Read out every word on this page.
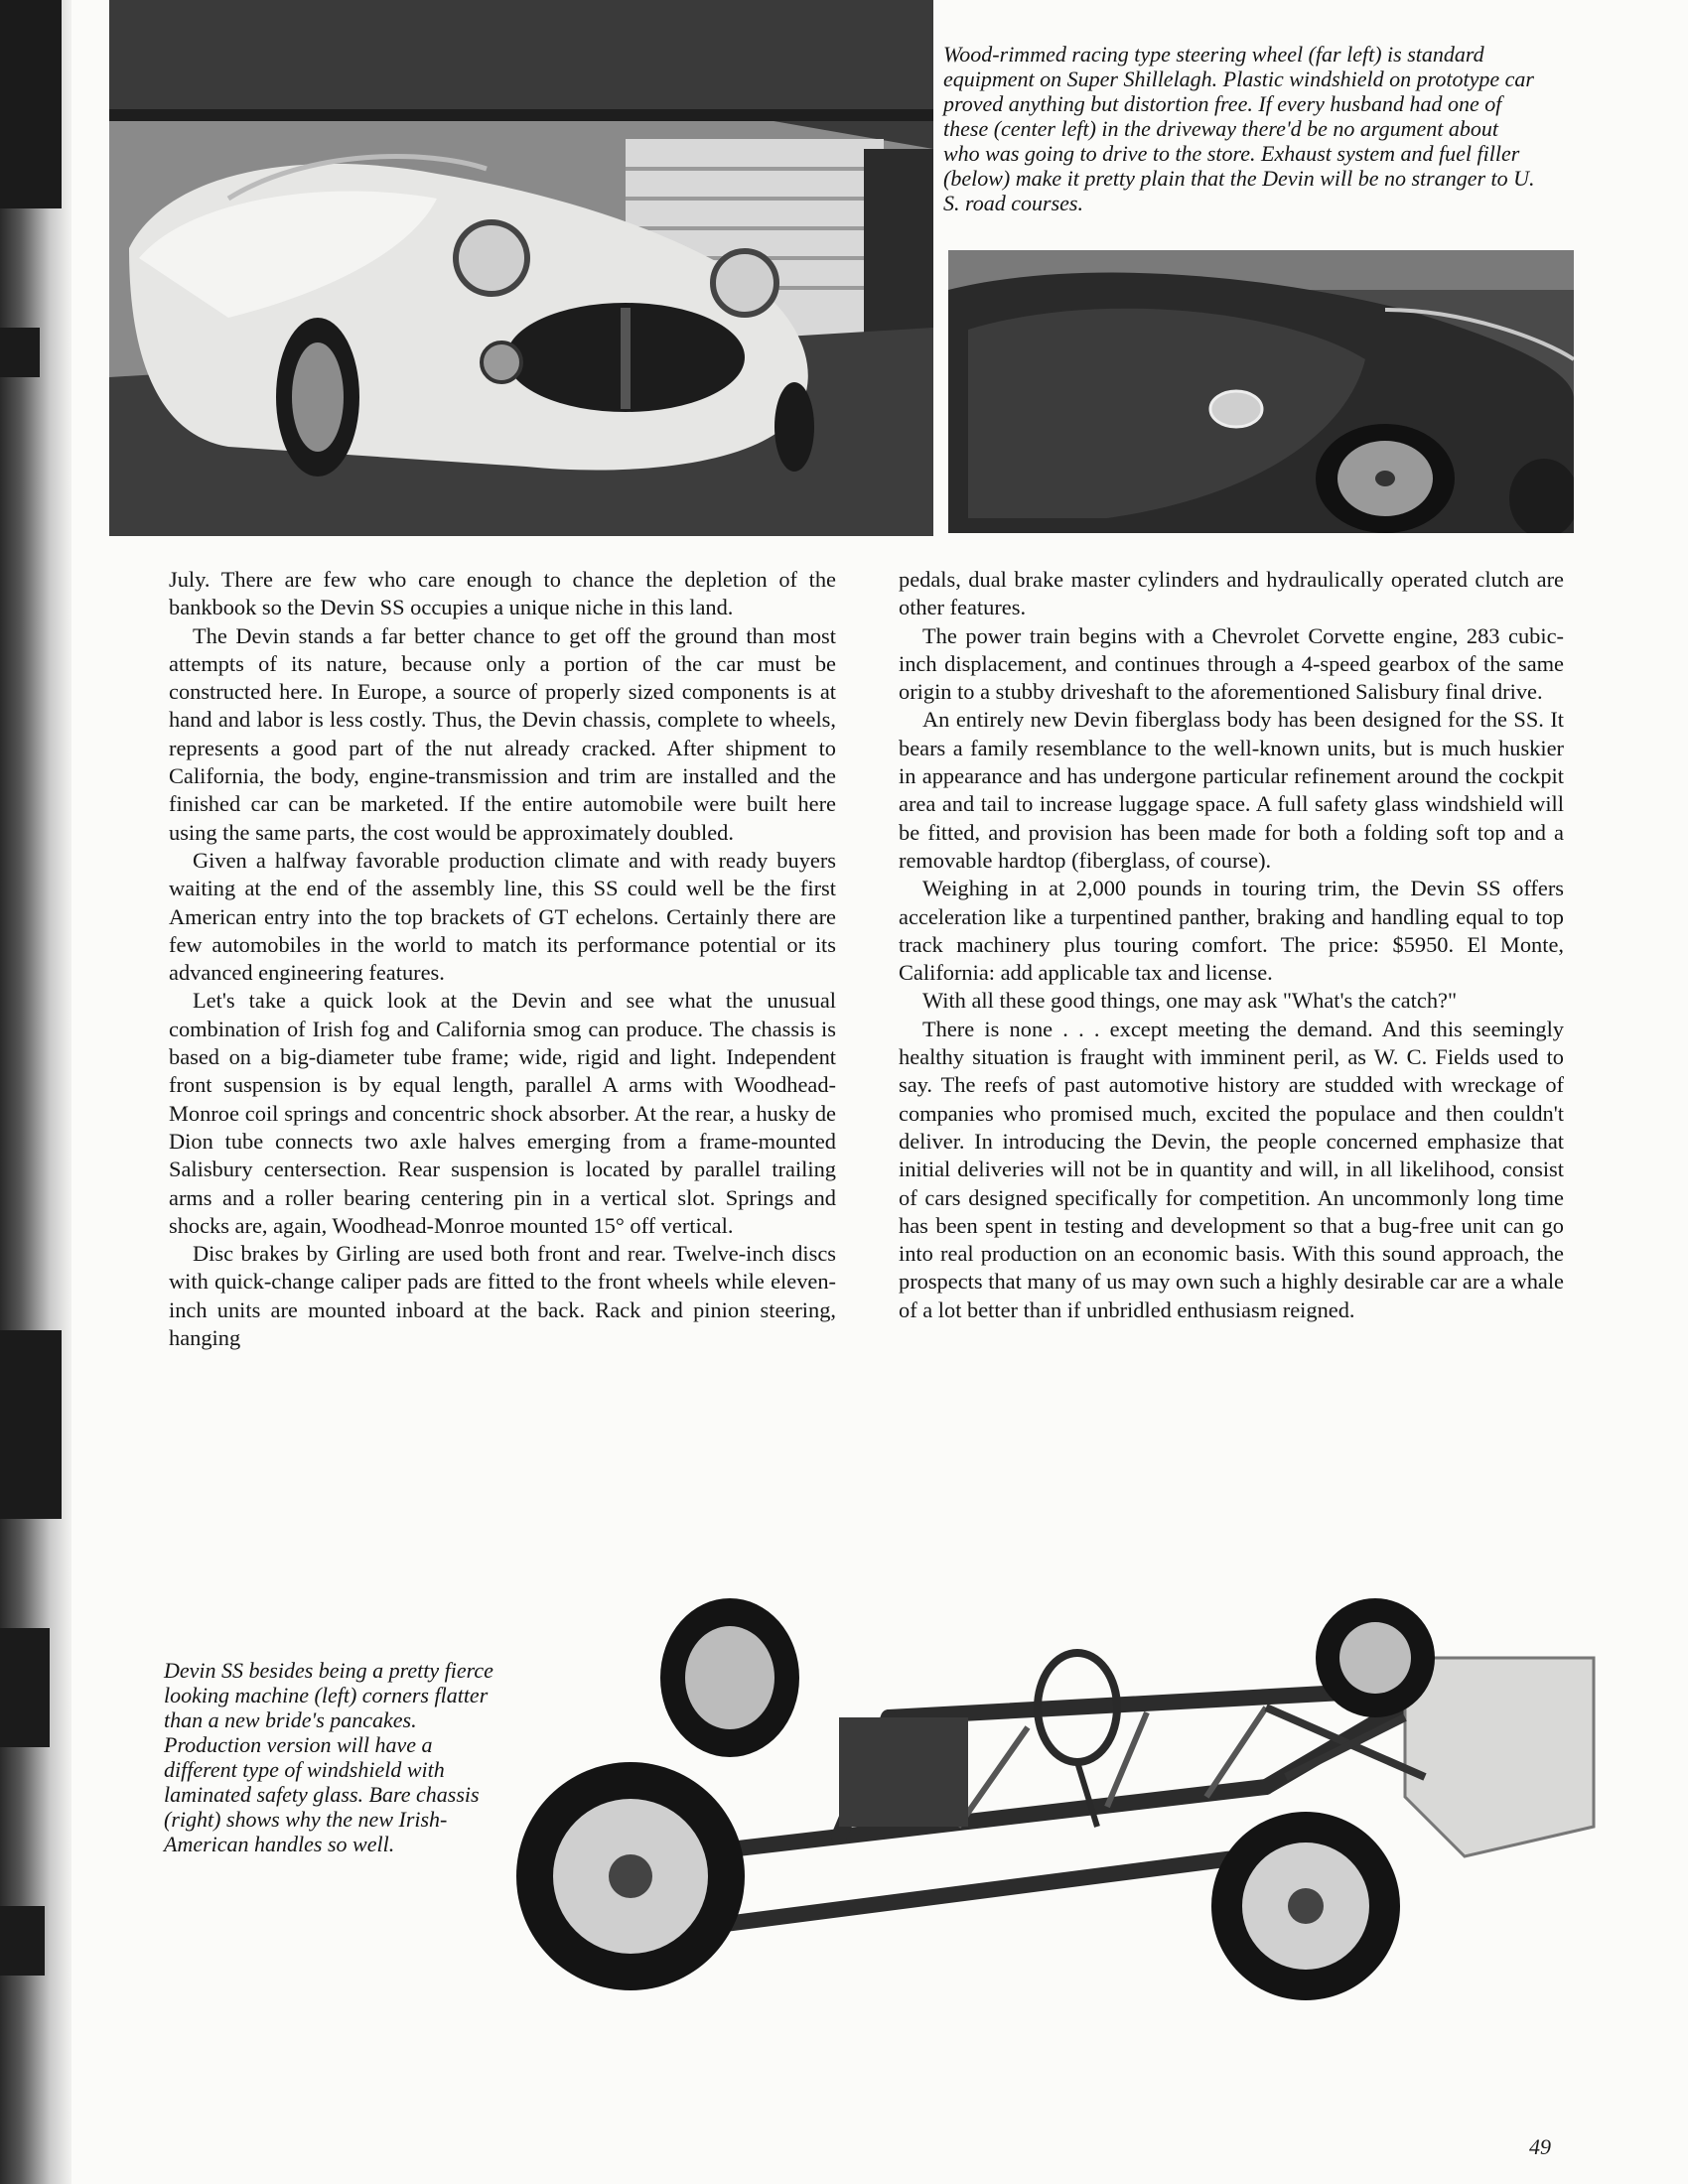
Wood-rimmed racing type steering wheel (far left) is standard equipment on Super Shillelagh. Plastic windshield on prototype car proved anything but distortion free. If every husband had one of these (center left) in the driveway there'd be no argument about who was going to drive to the store. Exhaust system and fuel filler (below) make it pretty plain that the Devin will be no stranger to U. S. road courses.

July. There are few who care enough to chance the depletion of the bankbook so the Devin SS occupies a unique niche in this land.

The Devin stands a far better chance to get off the ground than most attempts of its nature, because only a portion of the car must be constructed here. In Europe, a source of properly sized components is at hand and labor is less costly. Thus, the Devin chassis, complete to wheels, represents a good part of the nut already cracked. After shipment to California, the body, engine-transmission and trim are installed and the finished car can be marketed. If the entire automobile were built here using the same parts, the cost would be approximately doubled.

Given a halfway favorable production climate and with ready buyers waiting at the end of the assembly line, this SS could well be the first American entry into the top brackets of GT echelons. Certainly there are few automobiles in the world to match its performance potential or its advanced engineering features.

Let's take a quick look at the Devin and see what the unusual combination of Irish fog and California smog can produce. The chassis is based on a big-diameter tube frame; wide, rigid and light. Independent front suspension is by equal length, parallel A arms with Woodhead-Monroe coil springs and concentric shock absorber. At the rear, a husky de Dion tube connects two axle halves emerging from a frame-mounted Salisbury centersection. Rear suspension is located by parallel trailing arms and a roller bearing centering pin in a vertical slot. Springs and shocks are, again, Woodhead-Monroe mounted 15° off vertical.

Disc brakes by Girling are used both front and rear. Twelve-inch discs with quick-change caliper pads are fitted to the front wheels while eleven-inch units are mounted inboard at the back. Rack and pinion steering, hanging

pedals, dual brake master cylinders and hydraulically operated clutch are other features.

The power train begins with a Chevrolet Corvette engine, 283 cubic-inch displacement, and continues through a 4-speed gearbox of the same origin to a stubby driveshaft to the aforementioned Salisbury final drive.

An entirely new Devin fiberglass body has been designed for the SS. It bears a family resemblance to the well-known units, but is much huskier in appearance and has undergone particular refinement around the cockpit area and tail to increase luggage space. A full safety glass windshield will be fitted, and provision has been made for both a folding soft top and a removable hardtop (fiberglass, of course).

Weighing in at 2,000 pounds in touring trim, the Devin SS offers acceleration like a turpentined panther, braking and handling equal to top track machinery plus touring comfort. The price: $5950. El Monte, California: add applicable tax and license.

With all these good things, one may ask "What's the catch?"

There is none . . . except meeting the demand. And this seemingly healthy situation is fraught with imminent peril, as W. C. Fields used to say. The reefs of past automotive history are studded with wreckage of companies who promised much, excited the populace and then couldn't deliver. In introducing the Devin, the people concerned emphasize that initial deliveries will not be in quantity and will, in all likelihood, consist of cars designed specifically for competition. An uncommonly long time has been spent in testing and development so that a bug-free unit can go into real production on an economic basis. With this sound approach, the prospects that many of us may own such a highly desirable car are a whale of a lot better than if unbridled enthusiasm reigned.

Devin SS besides being a pretty fierce looking machine (left) corners flatter than a new bride's pancakes. Production version will have a different type of windshield with laminated safety glass. Bare chassis (right) shows why the new Irish-American handles so well.
49
